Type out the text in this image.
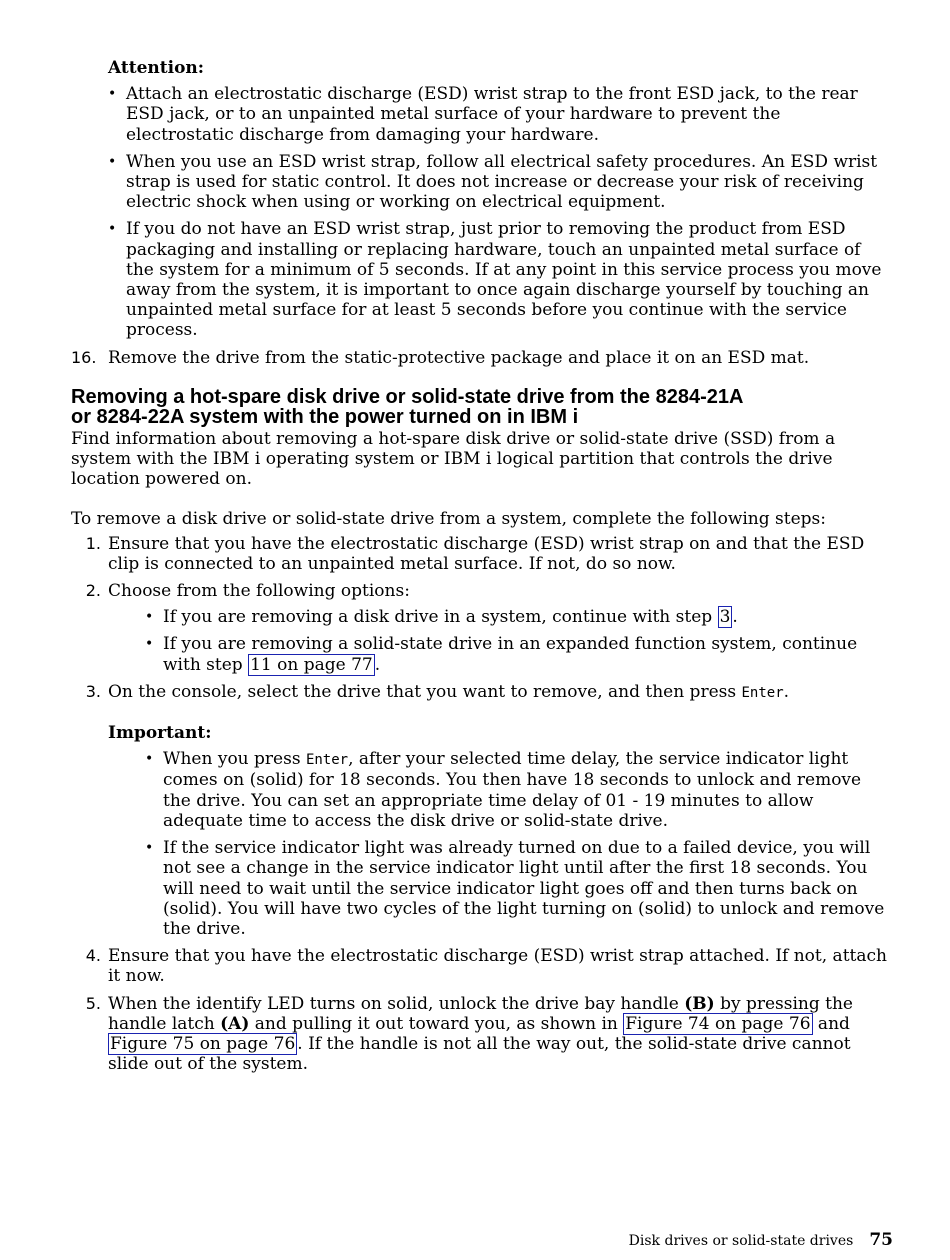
Attention:
• Attach an electrostatic discharge (ESD) wrist strap to the front ESD jack, to the rear ESD jack, or to an unpainted metal surface of your hardware to prevent the electrostatic discharge from damaging your hardware.
• When you use an ESD wrist strap, follow all electrical safety procedures. An ESD wrist strap is used for static control. It does not increase or decrease your risk of receiving electric shock when using or working on electrical equipment.
• If you do not have an ESD wrist strap, just prior to removing the product from ESD packaging and installing or replacing hardware, touch an unpainted metal surface of the system for a minimum of 5 seconds. If at any point in this service process you move away from the system, it is important to once again discharge yourself by touching an unpainted metal surface for at least 5 seconds before you continue with the service process.
16. Remove the drive from the static-protective package and place it on an ESD mat.
Removing a hot-spare disk drive or solid-state drive from the 8284-21A
or 8284-22A system with the power turned on in IBM i
Find information about removing a hot-spare disk drive or solid-state drive (SSD) from a system with the IBM i operating system or IBM i logical partition that controls the drive location powered on.
To remove a disk drive or solid-state drive from a system, complete the following steps:
1. Ensure that you have the electrostatic discharge (ESD) wrist strap on and that the ESD clip is connected to an unpainted metal surface. If not, do so now.
2. Choose from the following options:
• If you are removing a disk drive in a system, continue with step 3 .
• If you are removing a solid-state drive in an expanded function system, continue with step 11 on page 77 .
3. On the console, select the drive that you want to remove, and then press Enter.
Important:
• When you press Enter, after your selected time delay, the service indicator light comes on (solid) for 18 seconds. You then have 18 seconds to unlock and remove the drive. You can set an appropriate time delay of 01 - 19 minutes to allow adequate time to access the disk drive or solid-state drive.
• If the service indicator light was already turned on due to a failed device, you will not see a change in the service indicator light until after the first 18 seconds. You will need to wait until the service indicator light goes off and then turns back on (solid). You will have two cycles of the light turning on (solid) to unlock and remove the drive.
4. Ensure that you have the electrostatic discharge (ESD) wrist strap attached. If not, attach it now.
5. When the identify LED turns on solid, unlock the drive bay handle (B) by pressing the handle latch (A) and pulling it out toward you, as shown in Figure 74 on page 76 and Figure 75 on page 76 . If the handle is not all the way out, the solid-state drive cannot slide out of the system.
Disk drives or solid-state drives 75
